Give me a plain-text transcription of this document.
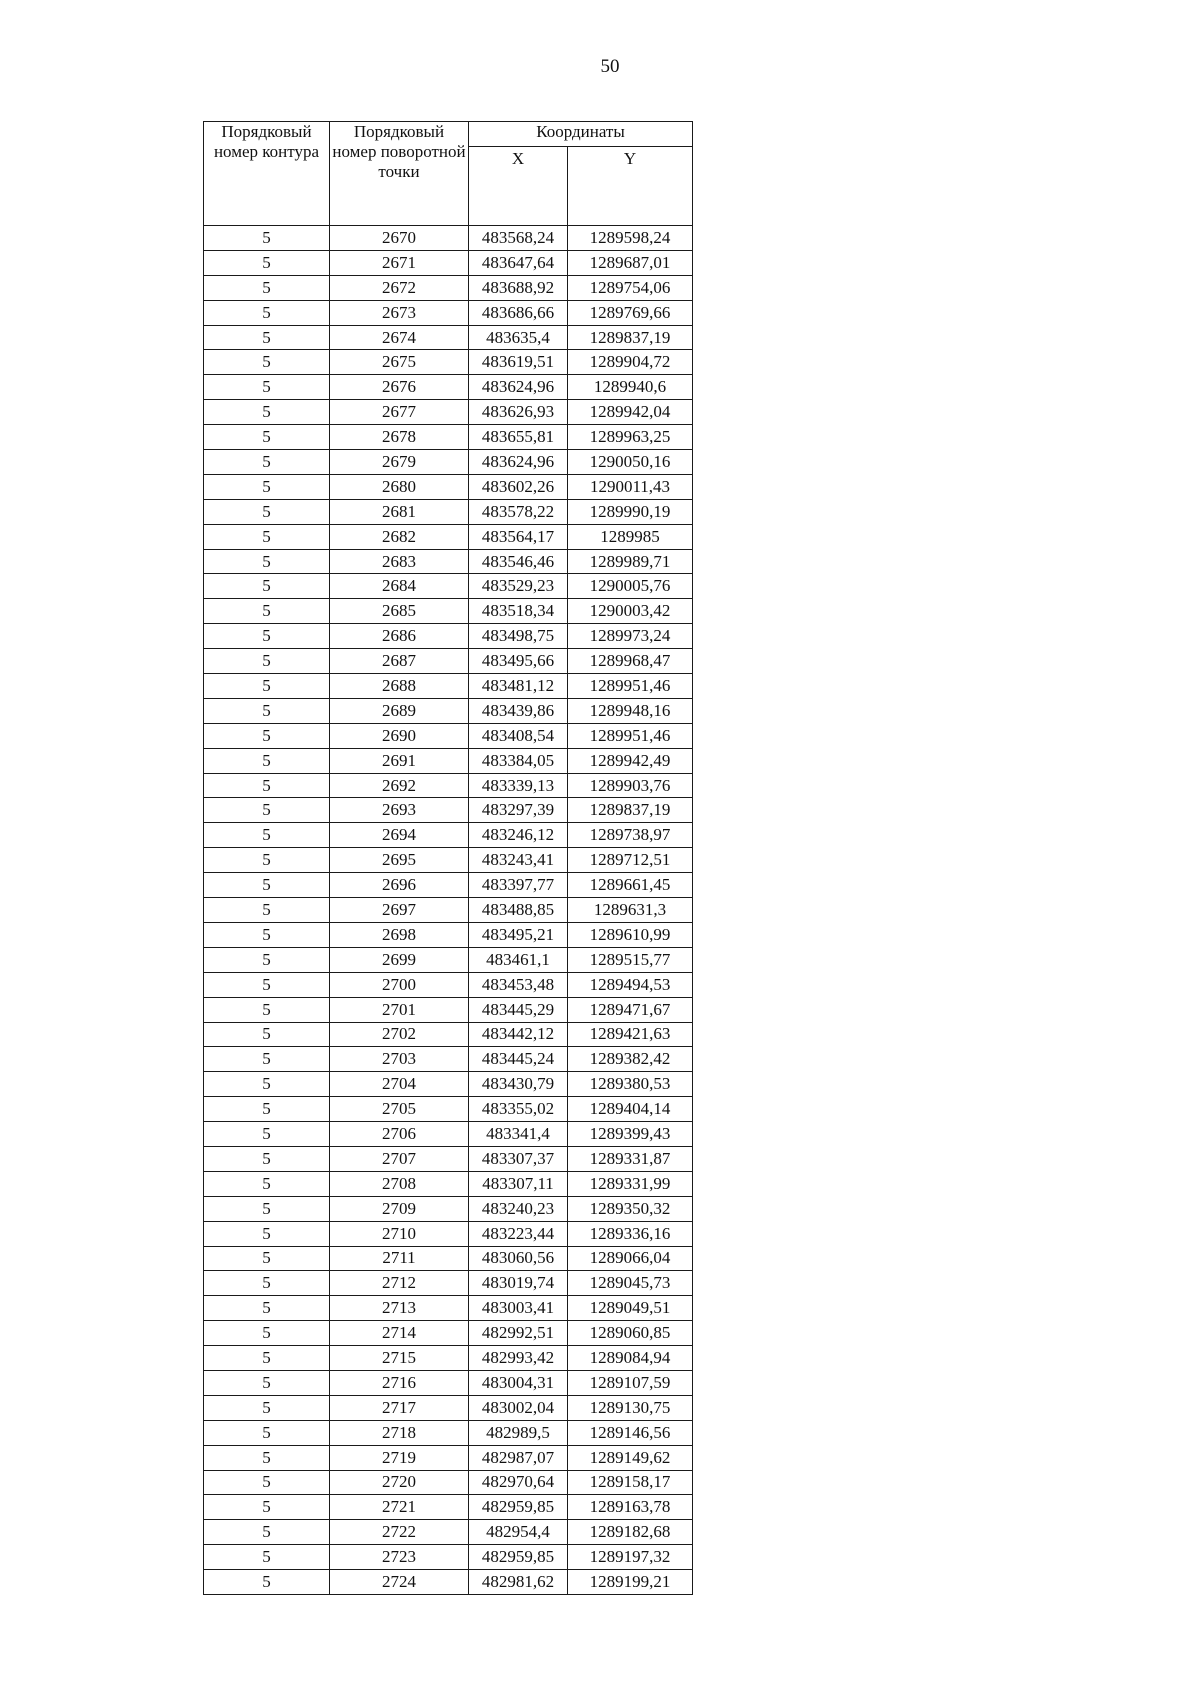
50
Порядковый номер контура	Порядковый номер поворотной точки	Координаты	
		X	Y
5	2670	483568,24	1289598,24
5	2671	483647,64	1289687,01
5	2672	483688,92	1289754,06
5	2673	483686,66	1289769,66
5	2674	483635,4	1289837,19
5	2675	483619,51	1289904,72
5	2676	483624,96	1289940,6
5	2677	483626,93	1289942,04
5	2678	483655,81	1289963,25
5	2679	483624,96	1290050,16
5	2680	483602,26	1290011,43
5	2681	483578,22	1289990,19
5	2682	483564,17	1289985
5	2683	483546,46	1289989,71
5	2684	483529,23	1290005,76
5	2685	483518,34	1290003,42
5	2686	483498,75	1289973,24
5	2687	483495,66	1289968,47
5	2688	483481,12	1289951,46
5	2689	483439,86	1289948,16
5	2690	483408,54	1289951,46
5	2691	483384,05	1289942,49
5	2692	483339,13	1289903,76
5	2693	483297,39	1289837,19
5	2694	483246,12	1289738,97
5	2695	483243,41	1289712,51
5	2696	483397,77	1289661,45
5	2697	483488,85	1289631,3
5	2698	483495,21	1289610,99
5	2699	483461,1	1289515,77
5	2700	483453,48	1289494,53
5	2701	483445,29	1289471,67
5	2702	483442,12	1289421,63
5	2703	483445,24	1289382,42
5	2704	483430,79	1289380,53
5	2705	483355,02	1289404,14
5	2706	483341,4	1289399,43
5	2707	483307,37	1289331,87
5	2708	483307,11	1289331,99
5	2709	483240,23	1289350,32
5	2710	483223,44	1289336,16
5	2711	483060,56	1289066,04
5	2712	483019,74	1289045,73
5	2713	483003,41	1289049,51
5	2714	482992,51	1289060,85
5	2715	482993,42	1289084,94
5	2716	483004,31	1289107,59
5	2717	483002,04	1289130,75
5	2718	482989,5	1289146,56
5	2719	482987,07	1289149,62
5	2720	482970,64	1289158,17
5	2721	482959,85	1289163,78
5	2722	482954,4	1289182,68
5	2723	482959,85	1289197,32
5	2724	482981,62	1289199,21
